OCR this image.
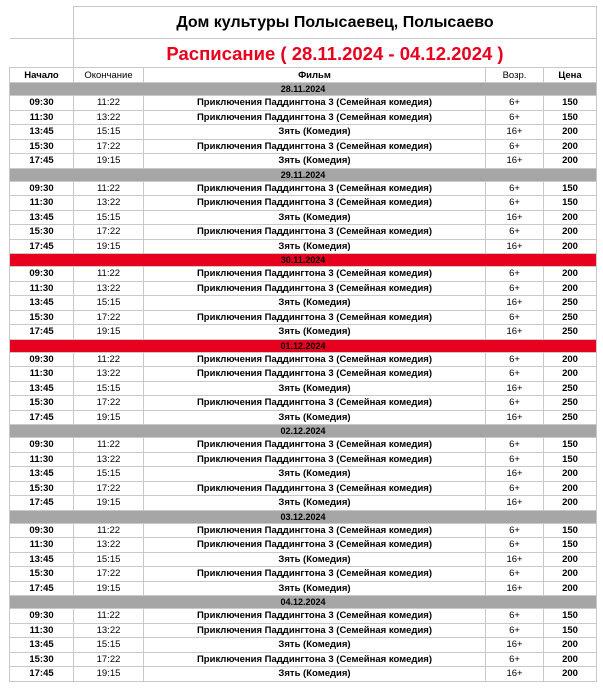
	Дом культуры Полысаевец, Полысаево			
	Расписание ( 28.11.2024 - 04.12.2024 )			
Начало	Окончание	Фильм	Возр.	Цена
28.11.2024				
09:30	11:22	Приключения Паддингтона 3 (Семейная комедия)	6+	150
11:30	13:22	Приключения Паддингтона 3 (Семейная комедия)	6+	150
13:45	15:15	Зять (Комедия)	16+	200
15:30	17:22	Приключения Паддингтона 3 (Семейная комедия)	6+	200
17:45	19:15	Зять (Комедия)	16+	200
29.11.2024				
09:30	11:22	Приключения Паддингтона 3 (Семейная комедия)	6+	150
11:30	13:22	Приключения Паддингтона 3 (Семейная комедия)	6+	150
13:45	15:15	Зять (Комедия)	16+	200
15:30	17:22	Приключения Паддингтона 3 (Семейная комедия)	6+	200
17:45	19:15	Зять (Комедия)	16+	200
30.11.2024				
09:30	11:22	Приключения Паддингтона 3 (Семейная комедия)	6+	200
11:30	13:22	Приключения Паддингтона 3 (Семейная комедия)	6+	200
13:45	15:15	Зять (Комедия)	16+	250
15:30	17:22	Приключения Паддингтона 3 (Семейная комедия)	6+	250
17:45	19:15	Зять (Комедия)	16+	250
01.12.2024				
09:30	11:22	Приключения Паддингтона 3 (Семейная комедия)	6+	200
11:30	13:22	Приключения Паддингтона 3 (Семейная комедия)	6+	200
13:45	15:15	Зять (Комедия)	16+	250
15:30	17:22	Приключения Паддингтона 3 (Семейная комедия)	6+	250
17:45	19:15	Зять (Комедия)	16+	250
02.12.2024				
09:30	11:22	Приключения Паддингтона 3 (Семейная комедия)	6+	150
11:30	13:22	Приключения Паддингтона 3 (Семейная комедия)	6+	150
13:45	15:15	Зять (Комедия)	16+	200
15:30	17:22	Приключения Паддингтона 3 (Семейная комедия)	6+	200
17:45	19:15	Зять (Комедия)	16+	200
03.12.2024				
09:30	11:22	Приключения Паддингтона 3 (Семейная комедия)	6+	150
11:30	13:22	Приключения Паддингтона 3 (Семейная комедия)	6+	150
13:45	15:15	Зять (Комедия)	16+	200
15:30	17:22	Приключения Паддингтона 3 (Семейная комедия)	6+	200
17:45	19:15	Зять (Комедия)	16+	200
04.12.2024				
09:30	11:22	Приключения Паддингтона 3 (Семейная комедия)	6+	150
11:30	13:22	Приключения Паддингтона 3 (Семейная комедия)	6+	150
13:45	15:15	Зять (Комедия)	16+	200
15:30	17:22	Приключения Паддингтона 3 (Семейная комедия)	6+	200
17:45	19:15	Зять (Комедия)	16+	200
